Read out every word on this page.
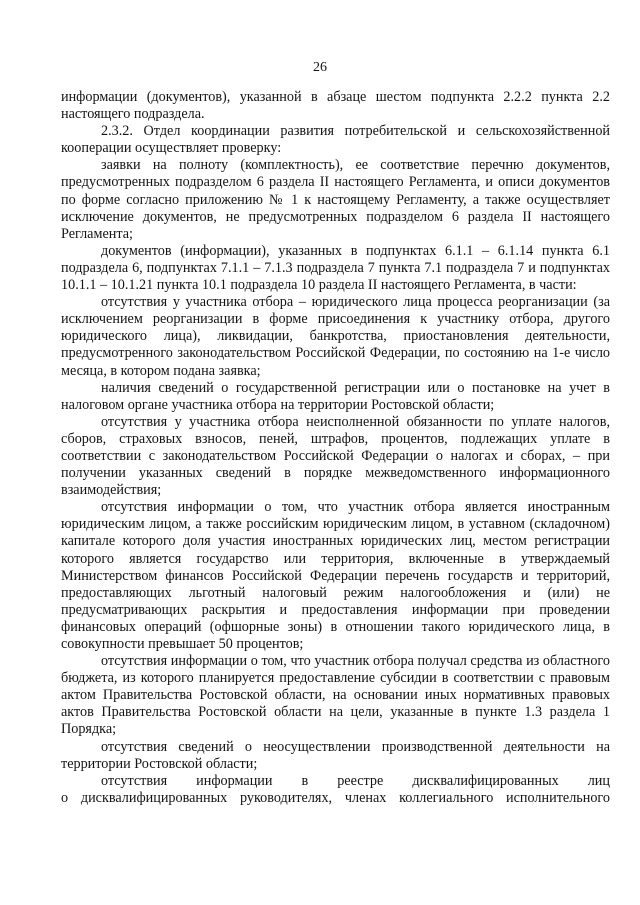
26

информации (документов), указанной в абзаце шестом подпункта 2.2.2 пункта 2.2 настоящего подраздела.

2.3.2. Отдел координации развития потребительской и сельскохозяйственной кооперации осуществляет проверку:

заявки на полноту (комплектность), ее соответствие перечню документов, предусмотренных подразделом 6 раздела II настоящего Регламента, и описи документов по форме согласно приложению № 1 к настоящему Регламенту, а также осуществляет исключение документов, не предусмотренных подразделом 6 раздела II настоящего Регламента;

документов (информации), указанных в подпунктах 6.1.1 – 6.1.14 пункта 6.1 подраздела 6, подпунктах 7.1.1 – 7.1.3 подраздела 7 пункта 7.1 подраздела 7 и подпунктах 10.1.1 – 10.1.21 пункта 10.1 подраздела 10 раздела II настоящего Регламента, в части:

отсутствия у участника отбора – юридического лица процесса реорганизации (за исключением реорганизации в форме присоединения к участнику отбора, другого юридического лица), ликвидации, банкротства, приостановления деятельности, предусмотренного законодательством Российской Федерации, по состоянию на 1-е число месяца, в котором подана заявка;

наличия сведений о государственной регистрации или о постановке на учет в налоговом органе участника отбора на территории Ростовской области;

отсутствия у участника отбора неисполненной обязанности по уплате налогов, сборов, страховых взносов, пеней, штрафов, процентов, подлежащих уплате в соответствии с законодательством Российской Федерации о налогах и сборах, – при получении указанных сведений в порядке межведомственного информационного взаимодействия;

отсутствия информации о том, что участник отбора является иностранным юридическим лицом, а также российским юридическим лицом, в уставном (складочном) капитале которого доля участия иностранных юридических лиц, местом регистрации которого является государство или территория, включенные в утверждаемый Министерством финансов Российской Федерации перечень государств и территорий, предоставляющих льготный налоговый режим налогообложения и (или) не предусматривающих раскрытия и предоставления информации при проведении финансовых операций (офшорные зоны) в отношении такого юридического лица, в совокупности превышает 50 процентов;

отсутствия информации о том, что участник отбора получал средства из областного бюджета, из которого планируется предоставление субсидии в соответствии с правовым актом Правительства Ростовской области, на основании иных нормативных правовых актов Правительства Ростовской области на цели, указанные в пункте 1.3 раздела 1 Порядка;

отсутствия сведений о неосуществлении производственной деятельности на территории Ростовской области;

отсутствия информации в реестре дисквалифицированных лиц

о дисквалифицированных руководителях, членах коллегиального исполнительного
